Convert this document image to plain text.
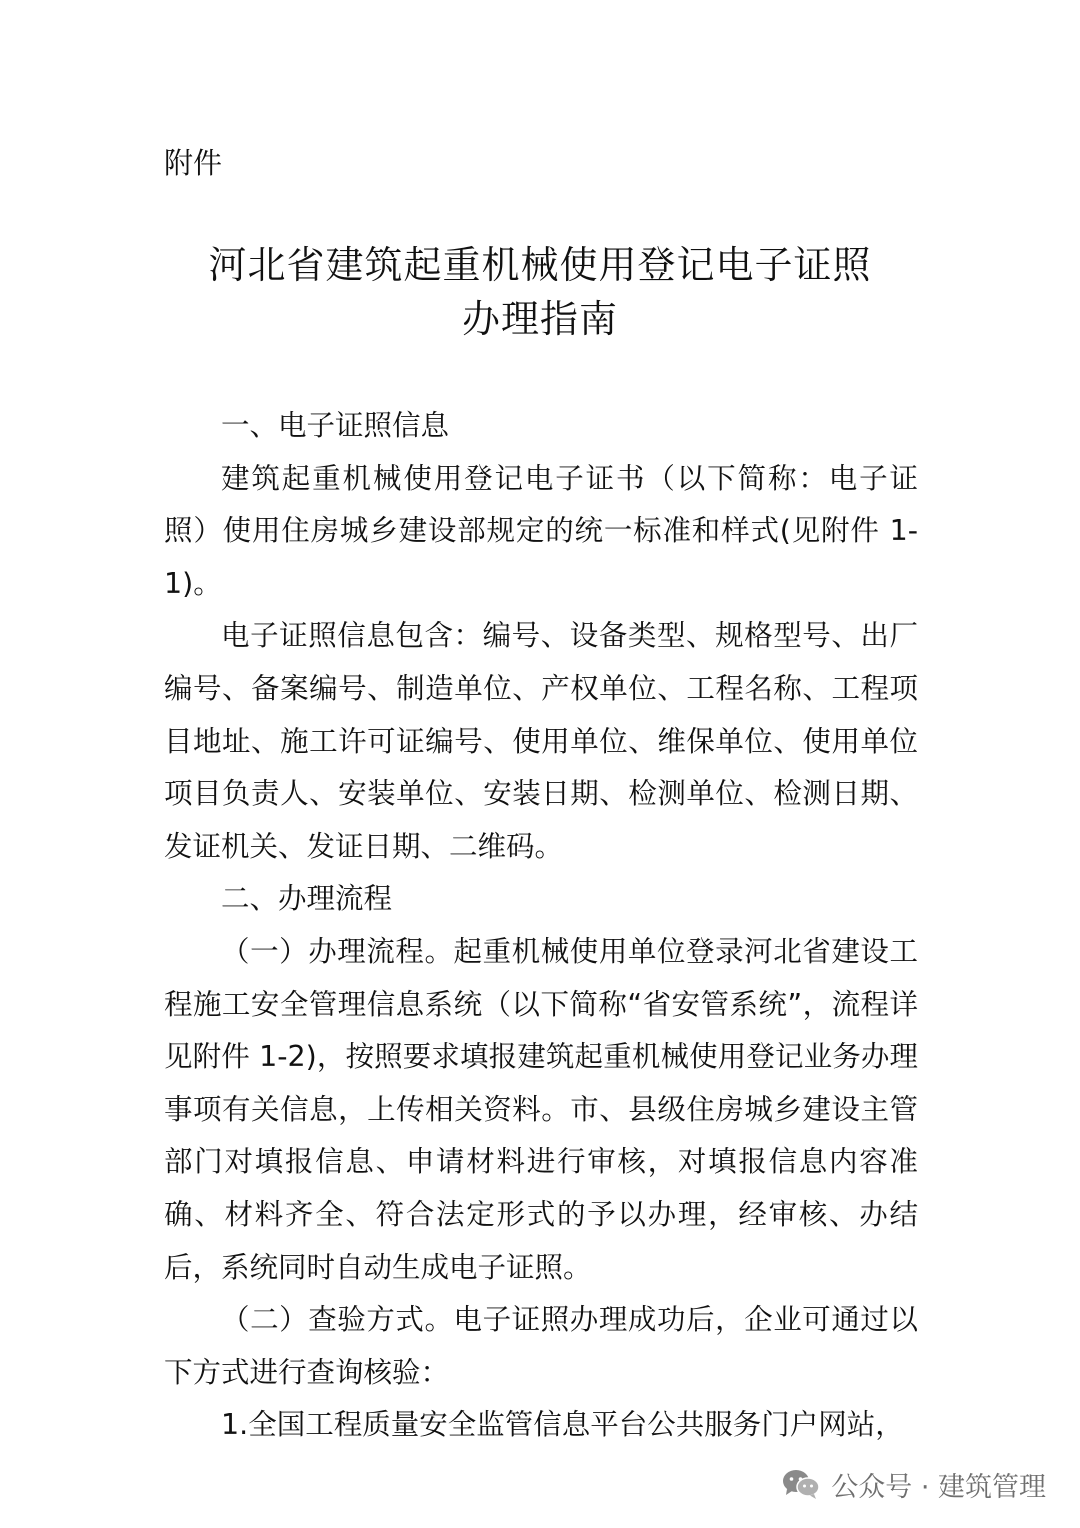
附件
河北省建筑起重机械使用登记电子证照
办理指南

一、电子证照信息

建筑起重机械使用登记电子证书（以下简称：电子证照）使用住房城乡建设部规定的统一标准和样式(见附件 1-1)。

电子证照信息包含：编号、设备类型、规格型号、出厂编号、备案编号、制造单位、产权单位、工程名称、工程项目地址、施工许可证编号、使用单位、维保单位、使用单位项目负责人、安装单位、安装日期、检测单位、检测日期、发证机关、发证日期、二维码。

二、办理流程

（一）办理流程。起重机械使用单位登录河北省建设工程施工安全管理信息系统（以下简称“省安管系统”，流程详见附件 1-2)，按照要求填报建筑起重机械使用登记业务办理事项有关信息，上传相关资料。市、县级住房城乡建设主管部门对填报信息、申请材料进行审核，对填报信息内容准确、材料齐全、符合法定形式的予以办理，经审核、办结后，系统同时自动生成电子证照。

（二）查验方式。电子证照办理成功后，企业可通过以下方式进行查询核验：

1.全国工程质量安全监管信息平台公共服务门户网站，

公众号 · 建筑管理
